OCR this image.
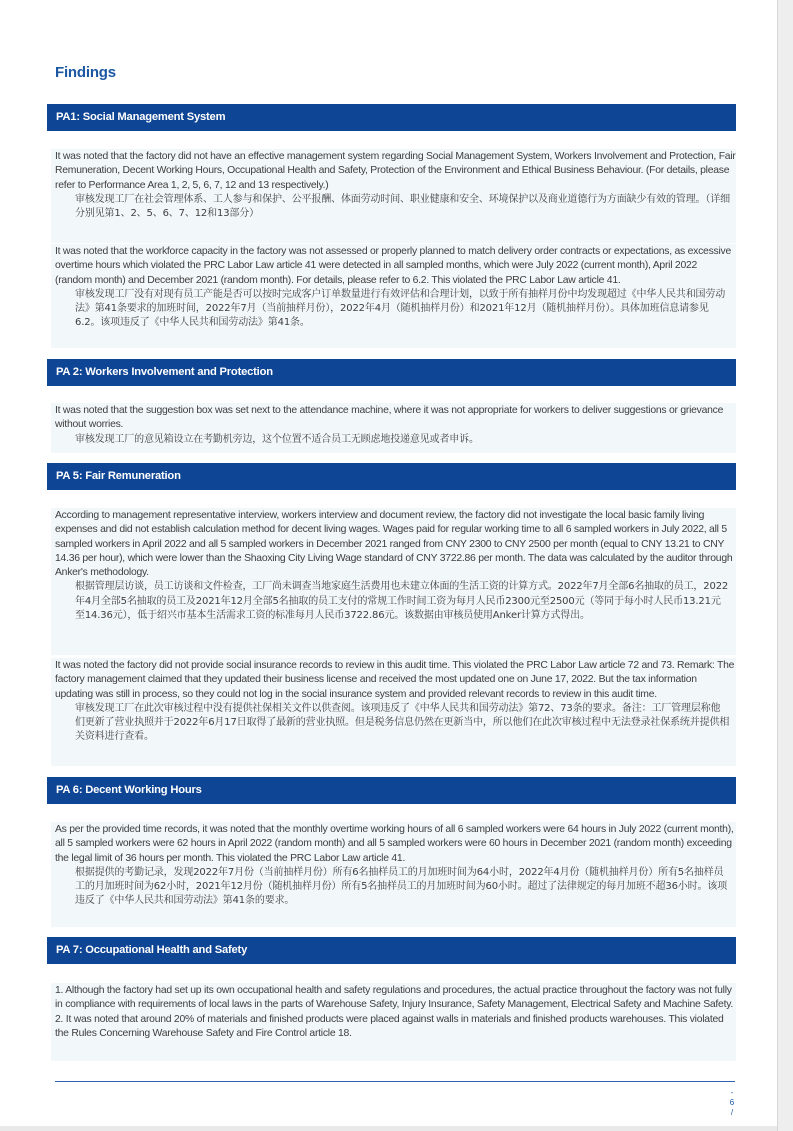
Findings
PA1: Social Management System

It was noted that the factory did not have an effective management system regarding Social Management System, Workers Involvement and Protection, Fair Remuneration, Decent Working Hours, Occupational Health and Safety, Protection of the Environment and Ethical Business Behaviour. (For details, please refer to Performance Area 1, 2, 5, 6, 7, 12 and 13 respectively.)

审核发现工厂在社会管理体系、工人参与和保护、公平报酬、体面劳动时间、职业健康和安全、环境保护以及商业道德行为方面缺少有效的管理。（详细分别见第1、2、5、6、7、12和13部分）

It was noted that the workforce capacity in the factory was not assessed or properly planned to match delivery order contracts or expectations, as excessive overtime hours which violated the PRC Labor Law article 41 were detected in all sampled months, which were July 2022 (current month), April 2022 (random month) and December 2021 (random month). For details, please refer to 6.2. This violated the PRC Labor Law article 41.

审核发现工厂没有对现有员工产能是否可以按时完成客户订单数量进行有效评估和合理计划，以致于所有抽样月份中均发现超过《中华人民共和国劳动法》第41条要求的加班时间，2022年7月（当前抽样月份），2022年4月（随机抽样月份）和2021年12月（随机抽样月份）。具体加班信息请参见6.2。该项违反了《中华人民共和国劳动法》第41条。

PA 2: Workers Involvement and Protection

It was noted that the suggestion box was set next to the attendance machine, where it was not appropriate for workers to deliver suggestions or grievance without worries.

审核发现工厂的意见箱设立在考勤机旁边，这个位置不适合员工无顾虑地投递意见或者申诉。

PA 5: Fair Remuneration

According to management representative interview, workers interview and document review, the factory did not investigate the local basic family living expenses and did not establish calculation method for decent living wages. Wages paid for regular working time to all 6 sampled workers in July 2022, all 5 sampled workers in April 2022 and all 5 sampled workers in December 2021 ranged from CNY 2300 to CNY 2500 per month (equal to CNY 13.21 to CNY 14.36 per hour), which were lower than the Shaoxing City Living Wage standard of CNY 3722.86 per month. The data was calculated by the auditor through Anker's methodology.

根据管理层访谈，员工访谈和文件检查，工厂尚未调查当地家庭生活费用也未建立体面的生活工资的计算方式。2022年7月全部6名抽取的员工，2022年4月全部5名抽取的员工及2021年12月全部5名抽取的员工支付的常规工作时间工资为每月人民币2300元至2500元（等同于每小时人民币13.21元至14.36元），低于绍兴市基本生活需求工资的标准每月人民币3722.86元。该数据由审核员使用Anker计算方式得出。

It was noted the factory did not provide social insurance records to review in this audit time. This violated the PRC Labor Law article 72 and 73. Remark: The factory management claimed that they updated their business license and received the most updated one on June 17, 2022. But the tax information updating was still in process, so they could not log in the social insurance system and provided relevant records to review in this audit time.

审核发现工厂在此次审核过程中没有提供社保相关文件以供查阅。该项违反了《中华人民共和国劳动法》第72、73条的要求。备注：工厂管理层称他们更新了营业执照并于2022年6月17日取得了最新的营业执照。但是税务信息仍然在更新当中，所以他们在此次审核过程中无法登录社保系统并提供相关资料进行查看。

PA 6: Decent Working Hours

As per the provided time records, it was noted that the monthly overtime working hours of all 6 sampled workers were 64 hours in July 2022 (current month), all 5 sampled workers were 62 hours in April 2022 (random month) and all 5 sampled workers were 60 hours in December 2021 (random month) exceeding the legal limit of 36 hours per month. This violated the PRC Labor Law article 41.

根据提供的考勤记录，发现2022年7月份（当前抽样月份）所有6名抽样员工的月加班时间为64小时，2022年4月份（随机抽样月份）所有5名抽样员工的月加班时间为62小时，2021年12月份（随机抽样月份）所有5名抽样员工的月加班时间为60小时。超过了法律规定的每月加班不超36小时。该项违反了《中华人民共和国劳动法》第41条的要求。

PA 7: Occupational Health and Safety

1. Although the factory had set up its own occupational health and safety regulations and procedures, the actual practice throughout the factory was not fully in compliance with requirements of local laws in the parts of Warehouse Safety, Injury Insurance, Safety Management, Electrical Safety and Machine Safety. 2. It was noted that around 20% of materials and finished products were placed against walls in materials and finished products warehouses. This violated the Rules Concerning Warehouse Safety and Fire Control article 18.

-
6
/
